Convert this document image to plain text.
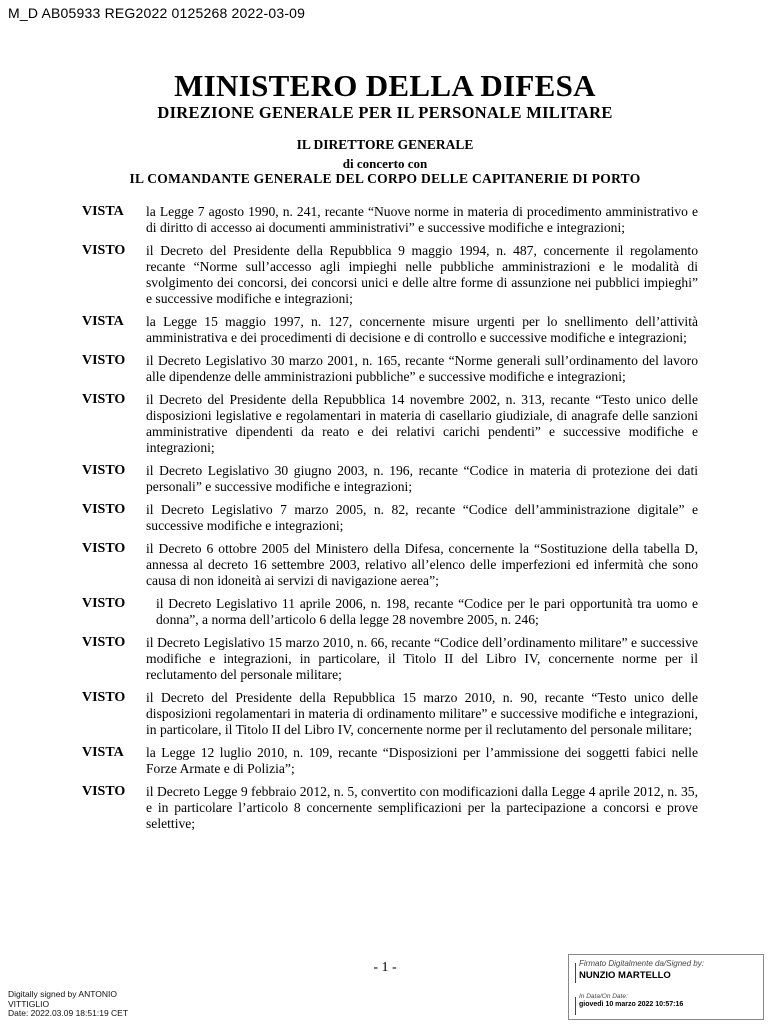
M_D AB05933 REG2022 0125268 2022-03-09
MINISTERO DELLA DIFESA
DIREZIONE GENERALE PER IL PERSONALE MILITARE
IL DIRETTORE GENERALE
di concerto con
IL COMANDANTE GENERALE DEL CORPO DELLE CAPITANERIE DI PORTO
VISTA	la Legge 7 agosto 1990, n. 241, recante “Nuove norme in materia di procedimento amministrativo e di diritto di accesso ai documenti amministrativi” e successive modifiche e integrazioni;
VISTO	il Decreto del Presidente della Repubblica 9 maggio 1994, n. 487, concernente il regolamento recante “Norme sull’accesso agli impieghi nelle pubbliche amministrazioni e le modalità di svolgimento dei concorsi, dei concorsi unici e delle altre forme di assunzione nei pubblici impieghi” e successive modifiche e integrazioni;
VISTA	la Legge 15 maggio 1997, n. 127, concernente misure urgenti per lo snellimento dell’attività amministrativa e dei procedimenti di decisione e di controllo e successive modifiche e integrazioni;
VISTO	il Decreto Legislativo 30 marzo 2001, n. 165, recante “Norme generali sull’ordinamento del lavoro alle dipendenze delle amministrazioni pubbliche” e successive modifiche e integrazioni;
VISTO	il Decreto del Presidente della Repubblica 14 novembre 2002, n. 313, recante “Testo unico delle disposizioni legislative e regolamentari in materia di casellario giudiziale, di anagrafe delle sanzioni amministrative dipendenti da reato e dei relativi carichi pendenti” e successive modifiche e integrazioni;
VISTO	il Decreto Legislativo 30 giugno 2003, n. 196, recante “Codice in materia di protezione dei dati personali” e successive modifiche e integrazioni;
VISTO	il Decreto Legislativo 7 marzo 2005, n. 82, recante “Codice dell’amministrazione digitale” e successive modifiche e integrazioni;
VISTO	il Decreto 6 ottobre 2005 del Ministero della Difesa, concernente la “Sostituzione della tabella D, annessa al decreto 16 settembre 2003, relativo all’elenco delle imperfezioni ed infermità che sono causa di non idoneità ai servizi di navigazione aerea”;
VISTO	il Decreto Legislativo 11 aprile 2006, n. 198, recante “Codice per le pari opportunità tra uomo e donna”, a norma dell’articolo 6 della legge 28 novembre 2005, n. 246;
VISTO	il Decreto Legislativo 15 marzo 2010, n. 66, recante “Codice dell’ordinamento militare” e successive modifiche e integrazioni, in particolare, il Titolo II del Libro IV, concernente norme per il reclutamento del personale militare;
VISTO	il Decreto del Presidente della Repubblica 15 marzo 2010, n. 90, recante “Testo unico delle disposizioni regolamentari in materia di ordinamento militare” e successive modifiche e integrazioni, in particolare, il Titolo II del Libro IV, concernente norme per il reclutamento del personale militare;
VISTA	la Legge 12 luglio 2010, n. 109, recante “Disposizioni per l’ammissione dei soggetti fabici nelle Forze Armate e di Polizia”;
VISTO	il Decreto Legge 9 febbraio 2012, n. 5, convertito con modificazioni dalla Legge 4 aprile 2012, n. 35, e in particolare l’articolo 8 concernente semplificazioni per la partecipazione a concorsi e prove selettive;
- 1 -
Digitally signed by ANTONIO
VITTIGLIO
Date: 2022.03.09 18:51:19 CET
Firmato Digitalmente da/Signed by:
NUNZIO MARTELLO
In Data/On Date:
giovedì 10 marzo 2022 10:57:16
